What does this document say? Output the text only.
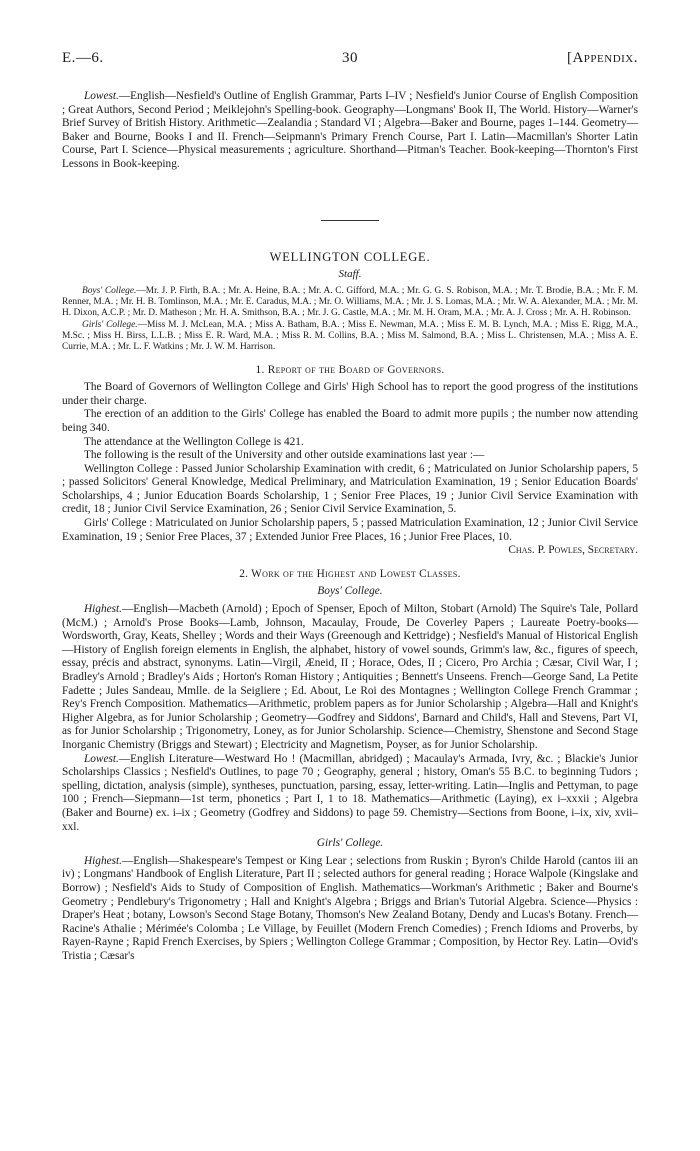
E.—6.	30	[Appendix.

Lowest.—English—Nesfield's Outline of English Grammar, Parts I–IV ; Nesfield's Junior Course of English Composition ; Great Authors, Second Period ; Meiklejohn's Spelling-book. Geography—Longmans' Book II, The World. History—Warner's Brief Survey of British History. Arithmetic—Zealandia ; Standard VI ; Algebra—Baker and Bourne, pages 1–144. Geometry—Baker and Bourne, Books I and II. French—Seipmann's Primary French Course, Part I. Latin—Macmillan's Shorter Latin Course, Part I. Science—Physical measurements ; agriculture. Shorthand—Pitman's Teacher. Book-keeping—Thornton's First Lessons in Book-keeping.

WELLINGTON COLLEGE.
Staff.

Boys' College.—Mr. J. P. Firth, B.A. ; Mr. A. Heine, B.A. ; Mr. A. C. Gifford, M.A. ; Mr. G. G. S. Robison, M.A. ; Mr. T. Brodie, B.A. ; Mr. F. M. Renner, M.A. ; Mr. H. B. Tomlinson, M.A. ; Mr. E. Caradus, M.A. ; Mr. O. Williams, M.A. ; Mr. J. S. Lomas, M.A. ; Mr. W. A. Alexander, M.A. ; Mr. M. H. Dixon, A.C.P. ; Mr. D. Matheson ; Mr. H. A. Smithson, B.A. ; Mr. J. G. Castle, M.A. ; Mr. M. H. Oram, M.A. ; Mr. A. J. Cross ; Mr. A. H. Robinson.

Girls' College.—Miss M. J. McLean, M.A. ; Miss A. Batham, B.A. ; Miss E. Newman, M.A. ; Miss E. M. B. Lynch, M.A. ; Miss E. Rigg, M.A., M.Sc. ; Miss H. Birss, L.L.B. ; Miss E. R. Ward, M.A. ; Miss R. M. Collins, B.A. ; Miss M. Salmond, B.A. ; Miss L. Christensen, M.A. ; Miss A. E. Currie, M.A. ; Mr. L. F. Watkins ; Mr. J. W. M. Harrison.

1. Report of the Board of Governors.

The Board of Governors of Wellington College and Girls' High School has to report the good progress of the institutions under their charge.

The erection of an addition to the Girls' College has enabled the Board to admit more pupils ; the number now attending being 340.

The attendance at the Wellington College is 421.

The following is the result of the University and other outside examinations last year :—

Wellington College : Passed Junior Scholarship Examination with credit, 6 ; Matriculated on Junior Scholarship papers, 5 ; passed Solicitors' General Knowledge, Medical Preliminary, and Matriculation Examination, 19 ; Senior Education Boards' Scholarships, 4 ; Junior Education Boards Scholarship, 1 ; Senior Free Places, 19 ; Junior Civil Service Examination with credit, 18 ; Junior Civil Service Examination, 26 ; Senior Civil Service Examination, 5.

Girls' College : Matriculated on Junior Scholarship papers, 5 ; passed Matriculation Examination, 12 ; Junior Civil Service Examination, 19 ; Senior Free Places, 37 ; Extended Junior Free Places, 16 ; Junior Free Places, 10.

Chas. P. Powles, Secretary.
2. Work of the Highest and Lowest Classes.
Boys' College.

Highest.—English—Macbeth (Arnold) ; Epoch of Spenser, Epoch of Milton, Stobart (Arnold) The Squire's Tale, Pollard (McM.) ; Arnold's Prose Books—Lamb, Johnson, Macaulay, Froude, De Coverley Papers ; Laureate Poetry-books—Wordsworth, Gray, Keats, Shelley ; Words and their Ways (Greenough and Kettridge) ; Nesfield's Manual of Historical English—History of English foreign elements in English, the alphabet, history of vowel sounds, Grimm's law, &c., figures of speech, essay, précis and abstract, synonyms. Latin—Virgil, Æneid, II ; Horace, Odes, II ; Cicero, Pro Archia ; Cæsar, Civil War, I ; Bradley's Arnold ; Bradley's Aids ; Horton's Roman History ; Antiquities ; Bennett's Unseens. French—George Sand, La Petite Fadette ; Jules Sandeau, Mmlle. de la Seigliere ; Ed. About, Le Roi des Montagnes ; Wellington College French Grammar ; Rey's French Composition. Mathematics—Arithmetic, problem papers as for Junior Scholarship ; Algebra—Hall and Knight's Higher Algebra, as for Junior Scholarship ; Geometry—Godfrey and Siddons', Barnard and Child's, Hall and Stevens, Part VI, as for Junior Scholarship ; Trigonometry, Loney, as for Junior Scholarship. Science—Chemistry, Shenstone and Second Stage Inorganic Chemistry (Briggs and Stewart) ; Electricity and Magnetism, Poyser, as for Junior Scholarship.

Lowest.—English Literature—Westward Ho ! (Macmillan, abridged) ; Macaulay's Armada, Ivry, &c. ; Blackie's Junior Scholarships Classics ; Nesfield's Outlines, to page 70 ; Geography, general ; history, Oman's 55 B.C. to beginning Tudors ; spelling, dictation, analysis (simple), syntheses, punctuation, parsing, essay, letter-writing. Latin—Inglis and Pettyman, to page 100 ; French—Siepmann—1st term, phonetics ; Part I, 1 to 18. Mathematics—Arithmetic (Laying), ex i–xxxii ; Algebra (Baker and Bourne) ex. i–ix ; Geometry (Godfrey and Siddons) to page 59. Chemistry—Sections from Boone, i–ix, xiv, xvii–xxl.

Girls' College.

Highest.—English—Shakespeare's Tempest or King Lear ; selections from Ruskin ; Byron's Childe Harold (cantos iii an iv) ; Longmans' Handbook of English Literature, Part II ; selected authors for general reading ; Horace Walpole (Kingslake and Borrow) ; Nesfield's Aids to Study of Composition of English. Mathematics—Workman's Arithmetic ; Baker and Bourne's Geometry ; Pendlebury's Trigonometry ; Hall and Knight's Algebra ; Briggs and Brian's Tutorial Algebra. Science—Physics : Draper's Heat ; botany, Lowson's Second Stage Botany, Thomson's New Zealand Botany, Dendy and Lucas's Botany. French—Racine's Athalie ; Mérimée's Colomba ; Le Village, by Feuillet (Modern French Comedies) ; French Idioms and Proverbs, by Rayen-Rayne ; Rapid French Exercises, by Spiers ; Wellington College Grammar ; Composition, by Hector Rey. Latin—Ovid's Tristia ; Cæsar's
